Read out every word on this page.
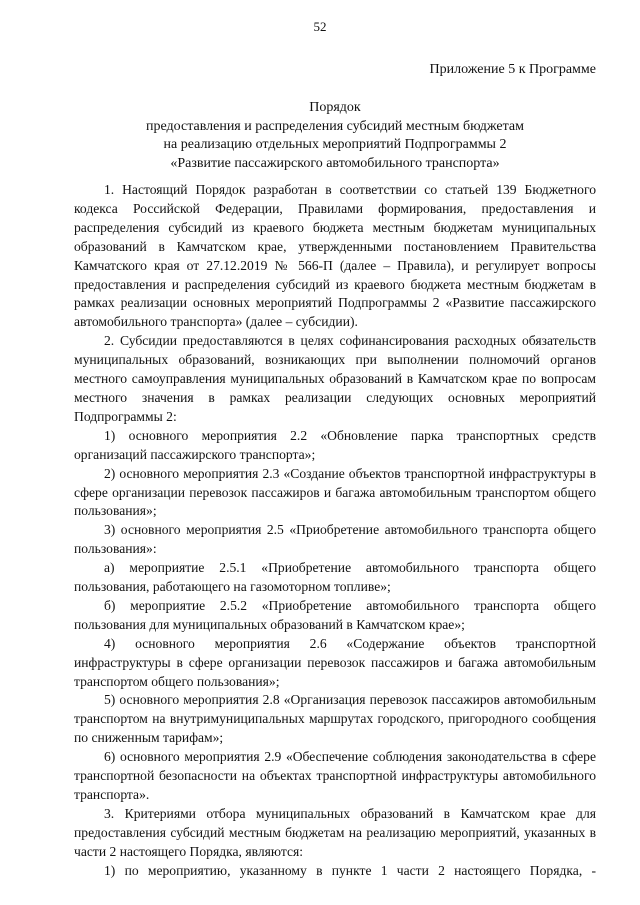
52
Приложение 5 к Программе
Порядок
предоставления и распределения субсидий местным бюджетам
на реализацию отдельных мероприятий Подпрограммы 2
«Развитие пассажирского автомобильного транспорта»

1. Настоящий Порядок разработан в соответствии со статьей 139 Бюджетного кодекса Российской Федерации, Правилами формирования, предоставления и распределения субсидий из краевого бюджета местным бюджетам муниципальных образований в Камчатском крае, утвержденными постановлением Правительства Камчатского края от 27.12.2019 № 566-П (далее – Правила), и регулирует вопросы предоставления и распределения субсидий из краевого бюджета местным бюджетам в рамках реализации основных мероприятий Подпрограммы 2 «Развитие пассажирского автомобильного транспорта» (далее – субсидии).

2. Субсидии предоставляются в целях софинансирования расходных обязательств муниципальных образований, возникающих при выполнении полномочий органов местного самоуправления муниципальных образований в Камчатском крае по вопросам местного значения в рамках реализации следующих основных мероприятий Подпрограммы 2:

1) основного мероприятия 2.2 «Обновление парка транспортных средств организаций пассажирского транспорта»;

2) основного мероприятия 2.3 «Создание объектов транспортной инфраструктуры в сфере организации перевозок пассажиров и багажа автомобильным транспортом общего пользования»;

3) основного мероприятия 2.5 «Приобретение автомобильного транспорта общего пользования»:

а) мероприятие 2.5.1 «Приобретение автомобильного транспорта общего пользования, работающего на газомоторном топливе»;

б) мероприятие 2.5.2 «Приобретение автомобильного транспорта общего пользования для муниципальных образований в Камчатском крае»;

4) основного мероприятия 2.6 «Содержание объектов транспортной инфраструктуры в сфере организации перевозок пассажиров и багажа автомобильным транспортом общего пользования»;

5) основного мероприятия 2.8 «Организация перевозок пассажиров автомобильным транспортом на внутримуниципальных маршрутах городского, пригородного сообщения по сниженным тарифам»;

6) основного мероприятия 2.9 «Обеспечение соблюдения законодательства в сфере транспортной безопасности на объектах транспортной инфраструктуры автомобильного транспорта».

3. Критериями отбора муниципальных образований в Камчатском крае для предоставления субсидий местным бюджетам на реализацию мероприятий, указанных в части 2 настоящего Порядка, являются:

1) по мероприятию, указанному в пункте 1 части 2 настоящего Порядка, -
